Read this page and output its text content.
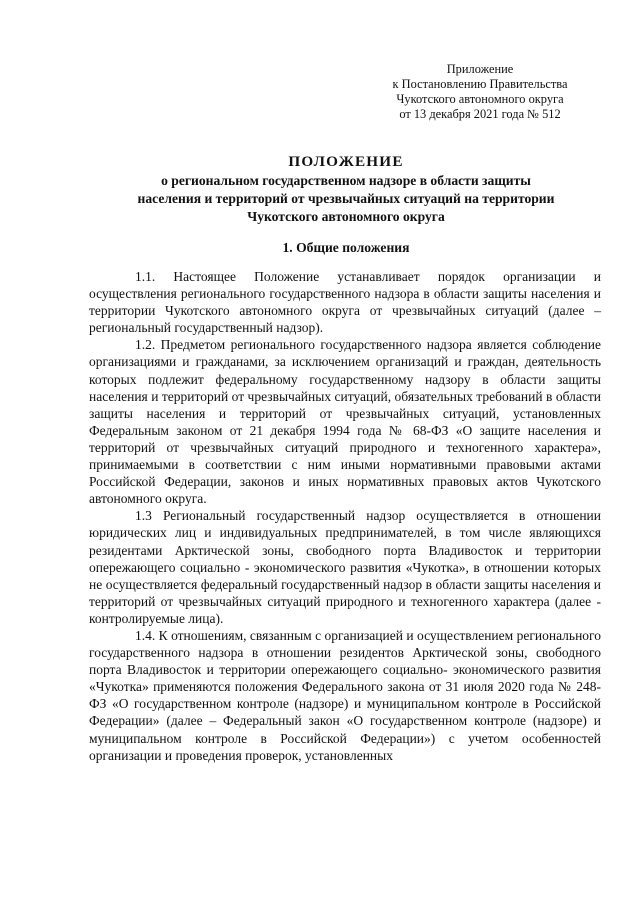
Приложение
к Постановлению Правительства
Чукотского автономного округа
от 13 декабря 2021 года № 512
ПОЛОЖЕНИЕ
о региональном государственном надзоре в области защиты
населения и территорий от чрезвычайных ситуаций на территории
Чукотского автономного округа
1. Общие положения

1.1. Настоящее Положение устанавливает порядок организации и осуществления регионального государственного надзора в области защиты населения и территории Чукотского автономного округа от чрезвычайных ситуаций (далее – региональный государственный надзор).

1.2. Предметом регионального государственного надзора является соблюдение организациями и гражданами, за исключением организаций и граждан, деятельность которых подлежит федеральному государственному надзору в области защиты населения и территорий от чрезвычайных ситуаций, обязательных требований в области защиты населения и территорий от чрезвычайных ситуаций, установленных Федеральным законом от 21 декабря 1994 года № 68-ФЗ «О защите населения и территорий от чрезвычайных ситуаций природного и техногенного характера», принимаемыми в соответствии с ним иными нормативными правовыми актами Российской Федерации, законов и иных нормативных правовых актов Чукотского автономного округа.

1.3 Региональный государственный надзор осуществляется в отношении юридических лиц и индивидуальных предпринимателей, в том числе являющихся резидентами Арктической зоны, свободного порта Владивосток и территории опережающего социально - экономического развития «Чукотка», в отношении которых не осуществляется федеральный государственный надзор в области защиты населения и территорий от чрезвычайных ситуаций природного и техногенного характера (далее - контролируемые лица).

1.4. К отношениям, связанным с организацией и осуществлением регионального государственного надзора в отношении резидентов Арктической зоны, свободного порта Владивосток и территории опережающего социально- экономического развития «Чукотка» применяются положения Федерального закона от 31 июля 2020 года № 248-ФЗ «О государственном контроле (надзоре) и муниципальном контроле в Российской Федерации» (далее – Федеральный закон «О государственном контроле (надзоре) и муниципальном контроле в Российской Федерации») с учетом особенностей организации и проведения проверок, установленных
